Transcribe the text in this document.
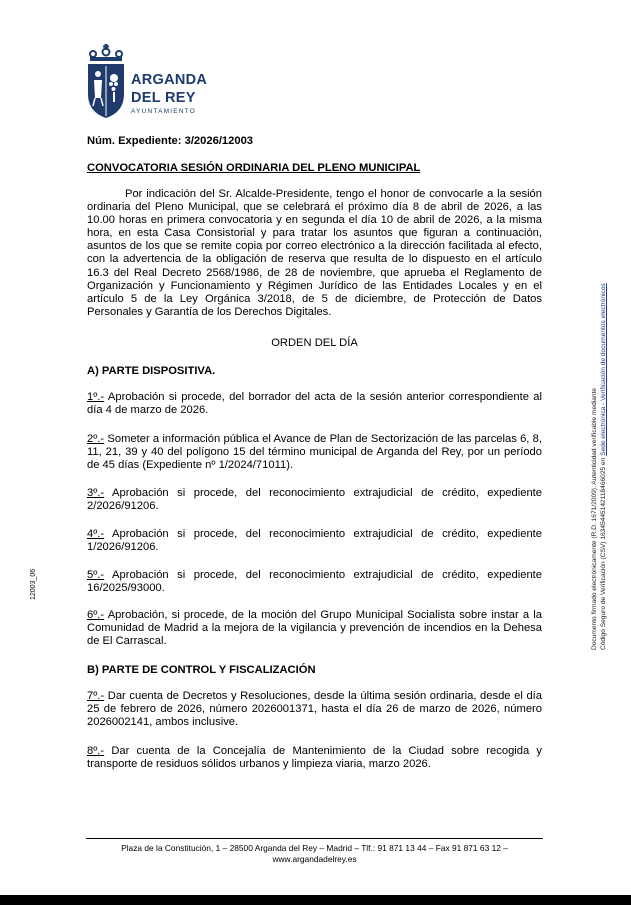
ARGANDA
DEL REY
AYUNTAMIENTO
Núm. Expediente: 3/2026/12003
CONVOCATORIA SESIÓN ORDINARIA DEL PLENO MUNICIPAL
Por indicación del Sr. Alcalde-Presidente, tengo el honor de convocarle a la sesión ordinaria del Pleno Municipal, que se celebrará el próximo día 8 de abril de 2026, a las 10.00 horas en primera convocatoria y en segunda el día 10 de abril de 2026, a la misma hora, en esta Casa Consistorial y para tratar los asuntos que figuran a continuación, asuntos de los que se remite copia por correo electrónico a la dirección facilitada al efecto, con la advertencia de la obligación de reserva que resulta de lo dispuesto en el artículo 16.3 del Real Decreto 2568/1986, de 28 de noviembre, que aprueba el Reglamento de Organización y Funcionamiento y Régimen Jurídico de las Entidades Locales y en el artículo 5 de la Ley Orgánica 3/2018, de 5 de diciembre, de Protección de Datos Personales y Garantía de los Derechos Digitales.
ORDEN DEL DÍA
A) PARTE DISPOSITIVA.
1º.- Aprobación si procede, del borrador del acta de la sesión anterior correspondiente al día 4 de marzo de 2026.
2º.- Someter a información pública el Avance de Plan de Sectorización de las parcelas 6, 8, 11, 21, 39 y 40 del polígono 15 del término municipal de Arganda del Rey, por un período de 45 días (Expediente nº 1/2024/71011).
3º.- Aprobación si procede, del reconocimiento extrajudicial de crédito, expediente 2/2026/91206.
4º.- Aprobación si procede, del reconocimiento extrajudicial de crédito, expediente 1/2026/91206.
5º.- Aprobación si procede, del reconocimiento extrajudicial de crédito, expediente 16/2025/93000.
6º.- Aprobación, si procede, de la moción del Grupo Municipal Socialista sobre instar a la Comunidad de Madrid a la mejora de la vigilancia y prevención de incendios en la Dehesa de El Carrascal.
B) PARTE DE CONTROL Y FISCALIZACIÓN
7º.- Dar cuenta de Decretos y Resoluciones, desde la última sesión ordinaria, desde el día 25 de febrero de 2026, número 2026001371, hasta el día 26 de marzo de 2026, número 2026002141, ambos inclusive.
8º.- Dar cuenta de la Concejalía de Mantenimiento de la Ciudad sobre recogida y transporte de residuos sólidos urbanos y limpieza viaria, marzo 2026.
12003_06	Documento firmado electrónicamente (R.D. 1671/2009). Autenticidad verificable mediante Código Seguro de Verificación (CSV) 16345445142118466025 en Sede electrónica - Verificación de documentos electrónicos
Plaza de la Constitución, 1 – 28500 Arganda del Rey – Madrid – Tlf.: 91 871 13 44 – Fax 91 871 63 12 –
www.argandadelrey.es
